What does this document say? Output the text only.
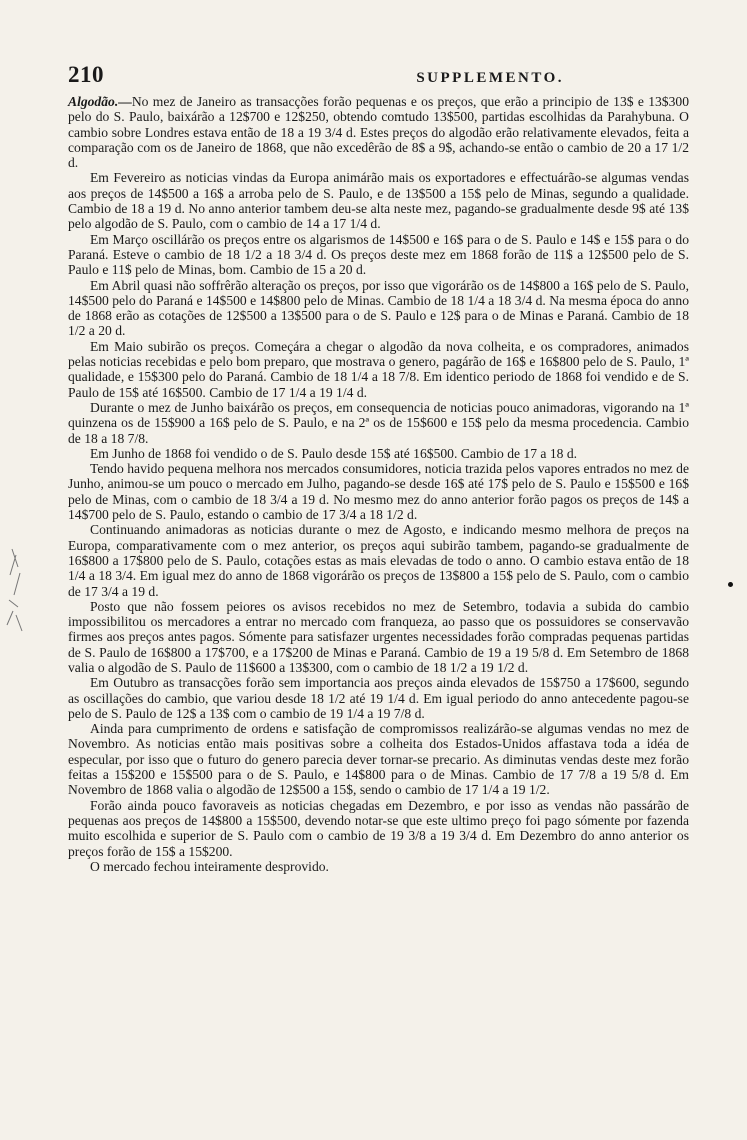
210	SUPPLEMENTO.

Algodão.—No mez de Janeiro as transacções forão pequenas e os preços, que erão a principio de 13$ e 13$300 pelo do S. Paulo, baixárão a 12$700 e 12$250, obtendo comtudo 13$500, partidas escolhidas da Parahybuna. O cambio sobre Londres estava então de 18 a 19 3/4 d. Estes preços do algodão erão relativamente elevados, feita a comparação com os de Janeiro de 1868, que não excedêrão de 8$ a 9$, achando-se então o cambio de 20 a 17 1/2 d.

Em Fevereiro as noticias vindas da Europa animárão mais os exportadores e effectuárão-se algumas vendas aos preços de 14$500 a 16$ a arroba pelo de S. Paulo, e de 13$500 a 15$ pelo de Minas, segundo a qualidade. Cambio de 18 a 19 d. No anno anterior tambem deu-se alta neste mez, pagando-se gradualmente desde 9$ até 13$ pelo algodão de S. Paulo, com o cambio de 14 a 17 1/4 d.

Em Março oscillárão os preços entre os algarismos de 14$500 e 16$ para o de S. Paulo e 14$ e 15$ para o do Paraná. Esteve o cambio de 18 1/2 a 18 3/4 d. Os preços deste mez em 1868 forão de 11$ a 12$500 pelo de S. Paulo e 11$ pelo de Minas, bom. Cambio de 15 a 20 d.

Em Abril quasi não soffrêrão alteração os preços, por isso que vigorárão os de 14$800 a 16$ pelo de S. Paulo, 14$500 pelo do Paraná e 14$500 e 14$800 pelo de Minas. Cambio de 18 1/4 a 18 3/4 d. Na mesma época do anno de 1868 erão as cotações de 12$500 a 13$500 para o de S. Paulo e 12$ para o de Minas e Paraná. Cambio de 18 1/2 a 20 d.

Em Maio subirão os preços. Começára a chegar o algodão da nova colheita, e os compradores, animados pelas noticias recebidas e pelo bom preparo, que mostrava o genero, pagárão de 16$ e 16$800 pelo de S. Paulo, 1ª qualidade, e 15$300 pelo do Paraná. Cambio de 18 1/4 a 18 7/8. Em identico periodo de 1868 foi vendido e de S. Paulo de 15$ até 16$500. Cambio de 17 1/4 a 19 1/4 d.

Durante o mez de Junho baixárão os preços, em consequencia de noticias pouco animadoras, vigorando na 1ª quinzena os de 15$900 a 16$ pelo de S. Paulo, e na 2ª os de 15$600 e 15$ pelo da mesma procedencia. Cambio de 18 a 18 7/8.

Em Junho de 1868 foi vendido o de S. Paulo desde 15$ até 16$500. Cambio de 17 a 18 d.

Tendo havido pequena melhora nos mercados consumidores, noticia trazida pelos vapores entrados no mez de Junho, animou-se um pouco o mercado em Julho, pagando-se desde 16$ até 17$ pelo de S. Paulo e 15$500 e 16$ pelo de Minas, com o cambio de 18 3/4 a 19 d. No mesmo mez do anno anterior forão pagos os preços de 14$ a 14$700 pelo de S. Paulo, estando o cambio de 17 3/4 a 18 1/2 d.

Continuando animadoras as noticias durante o mez de Agosto, e indicando mesmo melhora de preços na Europa, comparativamente com o mez anterior, os preços aqui subirão tambem, pagando-se gradualmente de 16$800 a 17$800 pelo de S. Paulo, cotações estas as mais elevadas de todo o anno. O cambio estava então de 18 1/4 a 18 3/4. Em igual mez do anno de 1868 vigorárão os preços de 13$800 a 15$ pelo de S. Paulo, com o cambio de 17 3/4 a 19 d.

Posto que não fossem peiores os avisos recebidos no mez de Setembro, todavia a subida do cambio impossibilitou os mercadores a entrar no mercado com franqueza, ao passo que os possuidores se conservavão firmes aos preços antes pagos. Sómente para satisfazer urgentes necessidades forão compradas pequenas partidas de S. Paulo de 16$800 a 17$700, e a 17$200 de Minas e Paraná. Cambio de 19 a 19 5/8 d. Em Setembro de 1868 valia o algodão de S. Paulo de 11$600 a 13$300, com o cambio de 18 1/2 a 19 1/2 d.

Em Outubro as transacções forão sem importancia aos preços ainda elevados de 15$750 a 17$600, segundo as oscillações do cambio, que variou desde 18 1/2 até 19 1/4 d. Em igual periodo do anno antecedente pagou-se pelo de S. Paulo de 12$ a 13$ com o cambio de 19 1/4 a 19 7/8 d.

Ainda para cumprimento de ordens e satisfação de compromissos realizárão-se algumas vendas no mez de Novembro. As noticias então mais positivas sobre a colheita dos Estados-Unidos affastava toda a idéa de especular, por isso que o futuro do genero parecia dever tornar-se precario. As diminutas vendas deste mez forão feitas a 15$200 e 15$500 para o de S. Paulo, e 14$800 para o de Minas. Cambio de 17 7/8 a 19 5/8 d. Em Novembro de 1868 valia o algodão de 12$500 a 15$, sendo o cambio de 17 1/4 a 19 1/2.

Forão ainda pouco favoraveis as noticias chegadas em Dezembro, e por isso as vendas não passárão de pequenas aos preços de 14$800 a 15$500, devendo notar-se que este ultimo preço foi pago sómente por fazenda muito escolhida e superior de S. Paulo com o cambio de 19 3/8 a 19 3/4 d. Em Dezembro do anno anterior os preços forão de 15$ a 15$200.

O mercado fechou inteiramente desprovido.
